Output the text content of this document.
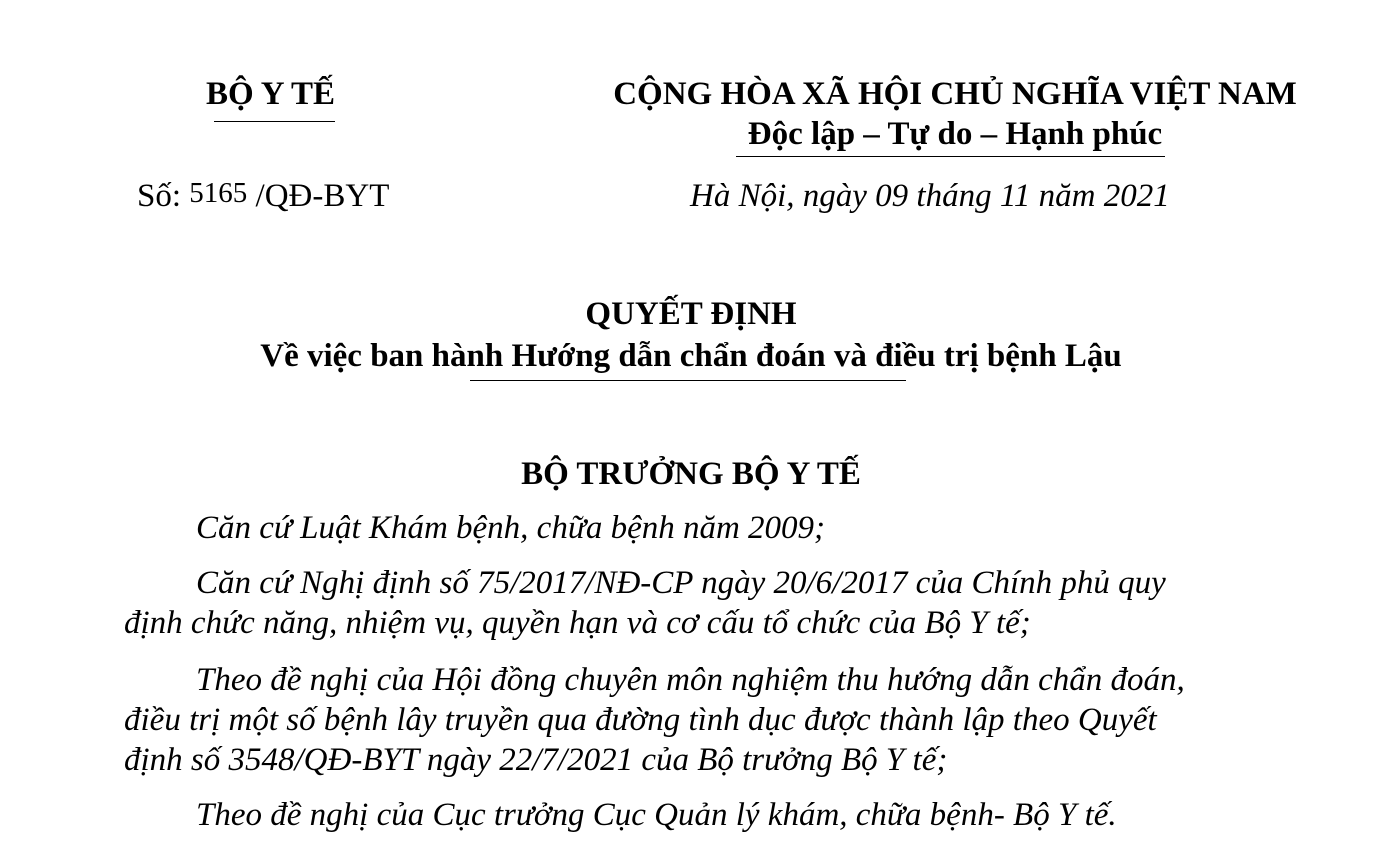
BỘ Y TẾ	CỘNG HÒA XÃ HỘI CHỦ NGHĨA VIỆT NAM
Độc lập – Tự do – Hạnh phúc
Số: 5165 /QĐ-BYT	Hà Nội, ngày 09 tháng 11 năm 2021
QUYẾT ĐỊNH
Về việc ban hành Hướng dẫn chẩn đoán và điều trị bệnh Lậu
BỘ TRƯỞNG BỘ Y TẾ
Căn cứ Luật Khám bệnh, chữa bệnh năm 2009;
Căn cứ Nghị định số 75/2017/NĐ-CP ngày 20/6/2017 của Chính phủ quy
định chức năng, nhiệm vụ, quyền hạn và cơ cấu tổ chức của Bộ Y tế;
Theo đề nghị của Hội đồng chuyên môn nghiệm thu hướng dẫn chẩn đoán,
điều trị một số bệnh lây truyền qua đường tình dục được thành lập theo Quyết
định số 3548/QĐ-BYT ngày 22/7/2021 của Bộ trưởng Bộ Y tế;
Theo đề nghị của Cục trưởng Cục Quản lý khám, chữa bệnh- Bộ Y tế.
